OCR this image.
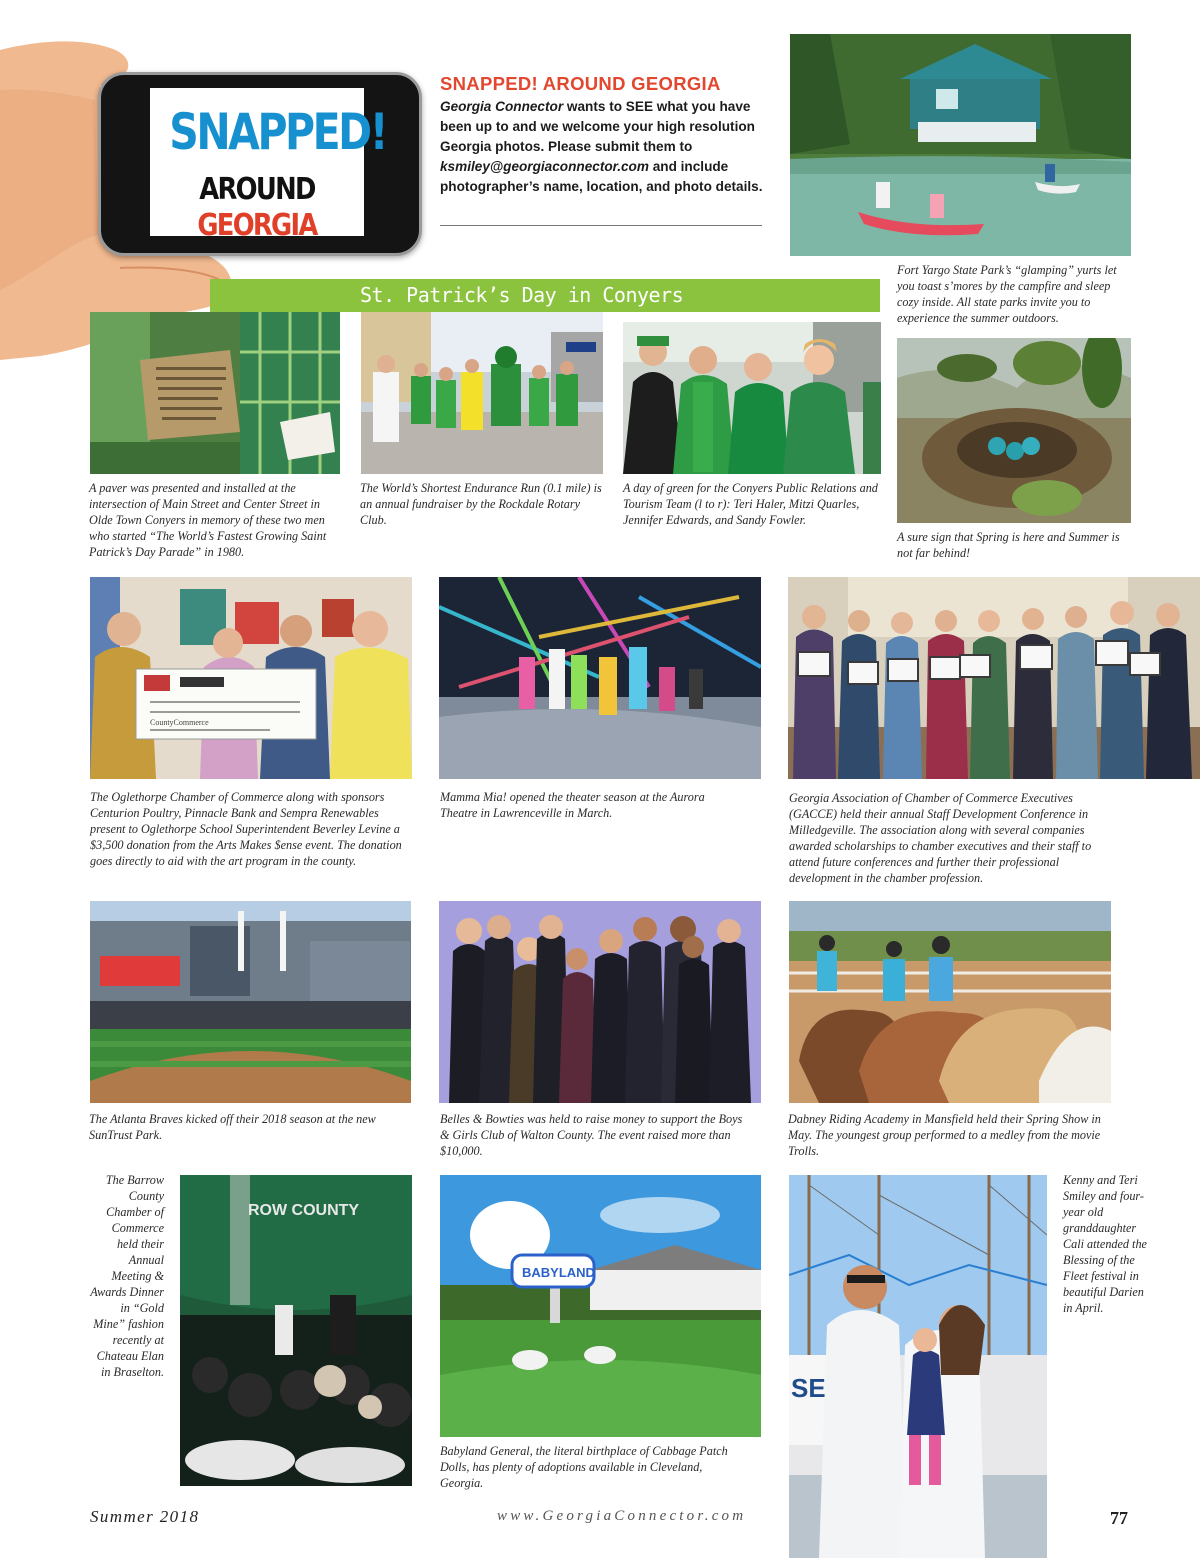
SNAPPED!
AROUND GEORGIA
SNAPPED! AROUND GEORGIA
Georgia Connector wants to SEE what you have been up to and we welcome your high resolution Georgia photos. Please submit them to ksmiley@georgiaconnector.com and include photographer’s name, location, and photo details.
St. Patrick’s Day in Conyers
CountyCommerce
ROW COUNTY
BABYLAND
SE
Fort Yargo State Park’s “glamping” yurts let you toast s’mores by the campfire and sleep cozy inside. All state parks invite you to experience the summer outdoors.
A paver was presented and installed at the intersection of Main Street and Center Street in Olde Town Conyers in memory of these two men who started “The World’s Fastest Growing Saint Patrick’s Day Parade” in 1980.
The World’s Shortest Endurance Run (0.1 mile) is an annual fundraiser by the Rockdale Rotary Club.
A day of green for the Conyers Public Relations and Tourism Team (l to r): Teri Haler, Mitzi Quarles, Jennifer Edwards, and Sandy Fowler.
A sure sign that Spring is here and Summer is not far behind!
The Oglethorpe Chamber of Commerce along with sponsors Centurion Poultry, Pinnacle Bank and Sempra Renewables present to Oglethorpe School Superintendent Beverley Levine a $3,500 donation from the Arts Makes $ense event. The donation goes directly to aid with the art program in the county.
Mamma Mia! opened the theater season at the Aurora Theatre in Lawrenceville in March.
Georgia Association of Chamber of Commerce Executives (GACCE) held their annual Staff Development Conference in Milledgeville. The association along with several companies awarded scholarships to chamber executives and their staff to attend future conferences and further their professional development in the chamber profession.
The Atlanta Braves kicked off their 2018 season at the new SunTrust Park.
Belles & Bowties was held to raise money to support the Boys & Girls Club of Walton County. The event raised more than $10,000.
Dabney Riding Academy in Mansfield held their Spring Show in May. The youngest group performed to a medley from the movie Trolls.
The Barrow County Chamber of Commerce held their Annual Meeting & Awards Dinner in “Gold Mine” fashion recently at Chateau Elan in Braselton.
Babyland General, the literal birthplace of Cabbage Patch Dolls, has plenty of adoptions available in Cleveland, Georgia.
Kenny and Teri Smiley and four-year old granddaughter Cali attended the Blessing of the Fleet festival in beautiful Darien in April.
Summer 2018	www.GeorgiaConnector.com	77
